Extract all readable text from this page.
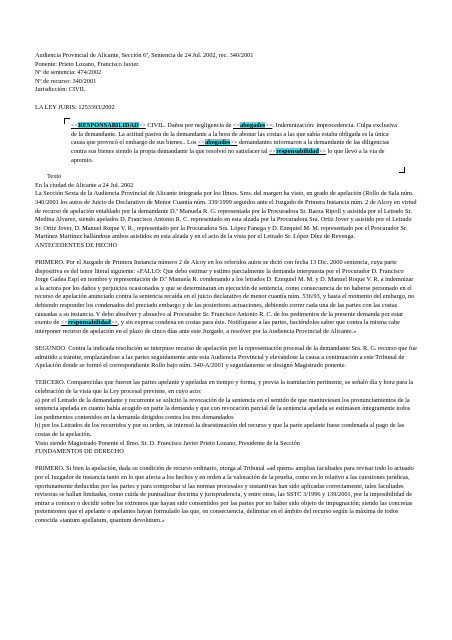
Audiencia Provincial de Alicante, Sección 6ª, Sentencia de 24 Jul. 2002, rec. 340/2001

Ponente: Prieto Lozano, Francisco Javier.

Nº de sentencia: 474/2002

Nº de recurso: 340/2001

Jurisdicción: CIVIL

LA LEY JURIS: 1253393/2002

<<RESPONSABILIDAD>> CIVIL. Daños por negligencia de <<abogados>>. Indemnización: improcedencia. Culpa exclusiva de la demandante. La actitud pasiva de la demandante a la hora de abonar las costas a las que sabía estaba obligada es la única causa que provocó el embargo de sus bienes.. Los <<abogados>> demandantes informaron a la demandante de las diligencias contra sus bienes siendo la propia demandante la que resolvió no satisfacer tal <<responsabilidad>> lo que llevó a la vía de apremio.

Texto

En la ciudad de Alicante a 24 Jul. 2002

La Sección Sexta de la Audiencia Provincial de Alicante integrada por los Ilmos. Sres. del margen ha visto, en grado de apelación (Rollo de Sala núm. 340/2001 los autos de Juicio de Declarativo de Menor Cuantía núm. 339/1999 seguidos ante el Juzgado de Primera Instancia núm. 2 de Alcoy en virtud de recurso de apelación entablado por la demandante D.ª Manuela R. G. representada por la Procuradora Sr. Baeza Ripoll y asistida por el Letrado Sr. Medina Alvarez, siendo apelados D. Francisco Antonio R. C. representado en esta alzada por la Procuradora Sra. Ortiz Jover y asistido por el Letrado Sr. Ortiz Jover, D. Manuel Roque V. R., representado por la Procuradora Sra. López Fanega y D. Ezequiel M. M. representado por el Procurador Sr. Martínez Martínez hallándose ambos asistidos en esta alzada y en el acto de la vista por el Letrado Sr. López Díez de Revenga.

ANTECEDENTES DE HECHO

PRIMERO. Por el Juzgado de Primera Instancia número 2 de Alcoy en los referidos autos se dictó con fecha 13 Dic. 2000 sentencia, cuya parte dispositiva es del tenor literal siguiente: «FALLO: Que debo estimar y estimo parcialmente la demanda interpuesta por el Procurador D. Francisco Jorge Gadea Espí en nombre y representación de D.ª Manuela R. condenando a los letrados D. Ezequiel M. M. y D. Manuel Roque V. R. a indemnizar a la actora por los daños y perjuicios ocasionados y que se determinaran en ejecución de sentencia, como consecuencia de no haberse personado en el recurso de apelación anunciado contra la sentencia recaída en el juicio declarativo de menor cuantía núm. 536/93, y hasta el momento del embargo, no debiendo responder los condenados del preciado embargo y de las posteriores actuaciones, debiendo correr cada una de las partes con las costas causadas a su instancia. Y debo absolver y absuelvo al Procurador Sr. Francisco Antonio R. C. de los pedimentos de la presente demanda por estar exento de <<responsabilidad>>, y sin expresa condena en costas para éste. Notifíquese a las partes, haciéndoles saber que contra la misma cabe interponer recurso de apelación en el plazo de cinco días ante este Juzgado, a resolver por la Audiencia Provincial de Alicante.»

SEGUNDO. Contra la indicada resolución se interpuso recurso de apelación por la representación procesal de la demandante Sra. R. G. recurso que fue admitido a trámite, emplazándose a las partes seguidamente ante esta Audiencia Provincial y elevándose la causa a continuación a este Tribunal de Apelación donde se formó el correspondiente Rollo bajo núm. 340-A/2001 y seguidamente se designó Magistrado ponente.

TERCERO. Comparecidas que fueron las partes apelante y apeladas en tiempo y forma, y previa la tramitación pertinente, se señaló día y hora para la celebración de la vista que la Ley procesal previene, en cuyo acto:

a) por el Letrado de la demandante y recurrente se solicitó la revocación de la sentencia en el sentido de que mantuviesen los pronunciamientos de la sentencia apelada en cuanto habla acogido en parte la demanda y que con revocación parcial de la sentencia apelada se estimasen íntegramente todos los pedimentos contenidos en la demanda dirigidos contra los tres demandados

b) por los Letrados de los recurridos y por su orden, se interesó la desestimación del recurso y que la parte apelante fuese condenada al pago de las costas de la apelación.

Visto siendo Magistrado Ponente el Ilmo. Sr. D. Francisco Javier Prieto Lozano, Presidente de la Sección

FUNDAMENTOS DE DERECHO

PRIMERO. Si bien la apelación, dada su condición de recurso ordinario, otorga al Tribunal «ad quem» amplias facultades para revisar todo lo actuado por el Juzgador de instancia tanto en lo que afecta a los hechos y en orden a la valoración de la prueba, como en lo relativo a las cuestiones jurídicas, oportunamente deducidas por las partes y para comprobar si las normas procesales y sustantivas han sido aplicadas correctamente, tales facultades revisoras se hallan limitadas, como cuida de puntualizar doctrina y jurisprudencia, y entre otras, las SSTC 3/1996 y 139/2001, por la imposibilidad de entrar a conocer o decidir sobre los extremos que hayan sido consentidos por las partes por no haber sido objeto de impugnación; siendo las concretas pretensiones que el apelante o apelantes hayan formulado las que, en consecuencia, delimitar en el ámbito del recurso según la máxima de todos conocida «tantum apellatum, quantum devolutum.»
